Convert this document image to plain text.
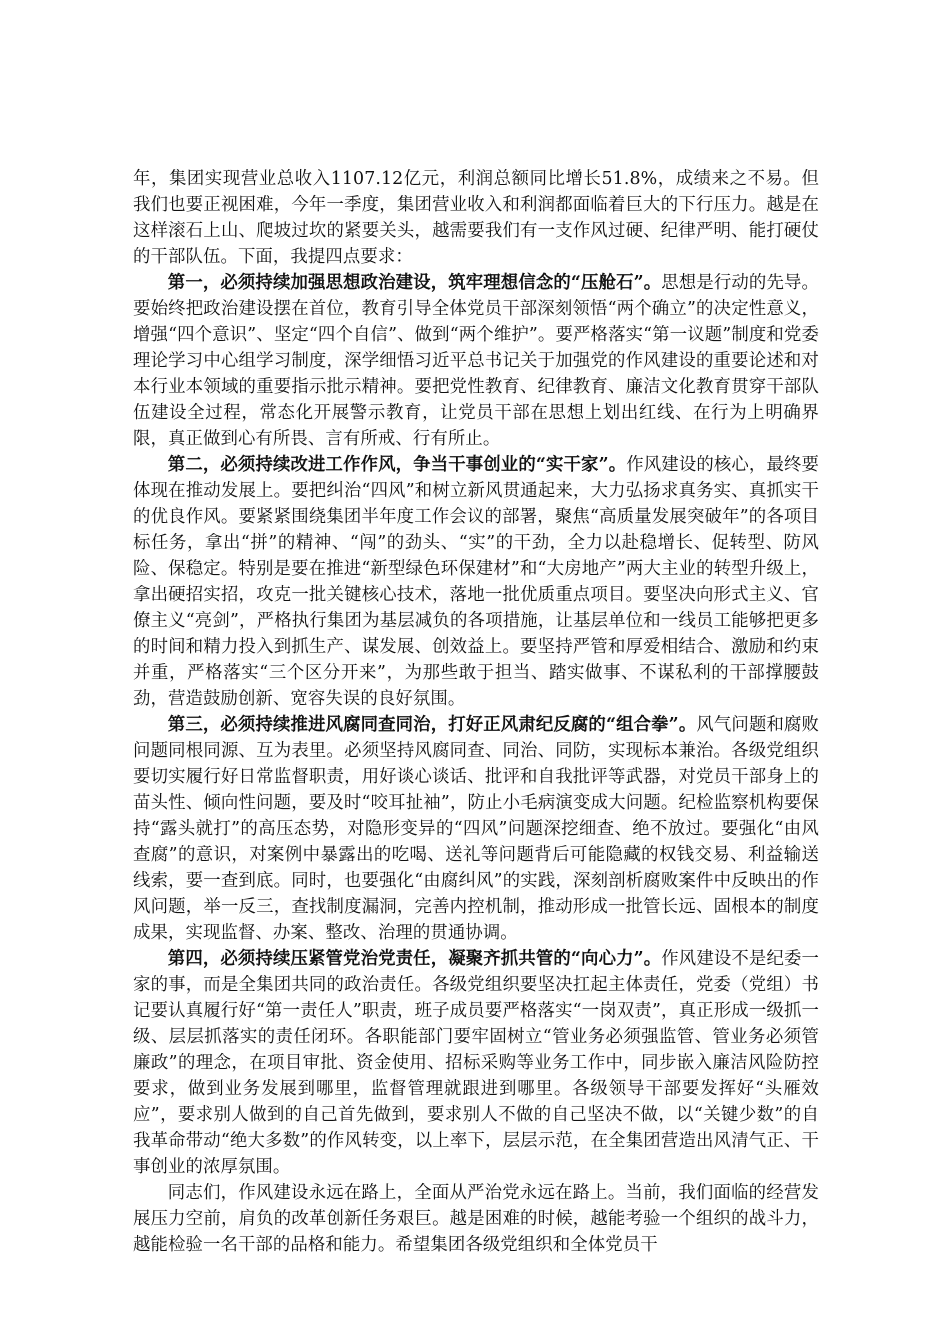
年，集团实现营业总收入1107.12亿元，利润总额同比增长51.8%，成绩来之不易。但我们也要正视困难，今年一季度，集团营业收入和利润都面临着巨大的下行压力。越是在这样滚石上山、爬坡过坎的紧要关头，越需要我们有一支作风过硬、纪律严明、能打硬仗的干部队伍。下面，我提四点要求：

第一，必须持续加强思想政治建设，筑牢理想信念的“压舱石”。思想是行动的先导。要始终把政治建设摆在首位，教育引导全体党员干部深刻领悟“两个确立”的决定性意义，增强“四个意识”、坚定“四个自信”、做到“两个维护”。要严格落实“第一议题”制度和党委理论学习中心组学习制度，深学细悟习近平总书记关于加强党的作风建设的重要论述和对本行业本领域的重要指示批示精神。要把党性教育、纪律教育、廉洁文化教育贯穿干部队伍建设全过程，常态化开展警示教育，让党员干部在思想上划出红线、在行为上明确界限，真正做到心有所畏、言有所戒、行有所止。

第二，必须持续改进工作作风，争当干事创业的“实干家”。作风建设的核心，最终要体现在推动发展上。要把纠治“四风”和树立新风贯通起来，大力弘扬求真务实、真抓实干的优良作风。要紧紧围绕集团半年度工作会议的部署，聚焦“高质量发展突破年”的各项目标任务，拿出“拼”的精神、“闯”的劲头、“实”的干劲，全力以赴稳增长、促转型、防风险、保稳定。特别是要在推进“新型绿色环保建材”和“大房地产”两大主业的转型升级上，拿出硬招实招，攻克一批关键核心技术，落地一批优质重点项目。要坚决向形式主义、官僚主义“亮剑”，严格执行集团为基层减负的各项措施，让基层单位和一线员工能够把更多的时间和精力投入到抓生产、谋发展、创效益上。要坚持严管和厚爱相结合、激励和约束并重，严格落实“三个区分开来”，为那些敢于担当、踏实做事、不谋私利的干部撑腰鼓劲，营造鼓励创新、宽容失误的良好氛围。

第三，必须持续推进风腐同查同治，打好正风肃纪反腐的“组合拳”。风气问题和腐败问题同根同源、互为表里。必须坚持风腐同查、同治、同防，实现标本兼治。各级党组织要切实履行好日常监督职责，用好谈心谈话、批评和自我批评等武器，对党员干部身上的苗头性、倾向性问题，要及时“咬耳扯袖”，防止小毛病演变成大问题。纪检监察机构要保持“露头就打”的高压态势，对隐形变异的“四风”问题深挖细查、绝不放过。要强化“由风查腐”的意识，对案例中暴露出的吃喝、送礼等问题背后可能隐藏的权钱交易、利益输送线索，要一查到底。同时，也要强化“由腐纠风”的实践，深刻剖析腐败案件中反映出的作风问题，举一反三，查找制度漏洞，完善内控机制，推动形成一批管长远、固根本的制度成果，实现监督、办案、整改、治理的贯通协调。

第四，必须持续压紧管党治党责任，凝聚齐抓共管的“向心力”。作风建设不是纪委一家的事，而是全集团共同的政治责任。各级党组织要坚决扛起主体责任，党委（党组）书记要认真履行好“第一责任人”职责，班子成员要严格落实“一岗双责”，真正形成一级抓一级、层层抓落实的责任闭环。各职能部门要牢固树立“管业务必须强监管、管业务必须管廉政”的理念，在项目审批、资金使用、招标采购等业务工作中，同步嵌入廉洁风险防控要求，做到业务发展到哪里，监督管理就跟进到哪里。各级领导干部要发挥好“头雁效应”，要求别人做到的自己首先做到，要求别人不做的自己坚决不做，以“关键少数”的自我革命带动“绝大多数”的作风转变，以上率下，层层示范，在全集团营造出风清气正、干事创业的浓厚氛围。

同志们，作风建设永远在路上，全面从严治党永远在路上。当前，我们面临的经营发展压力空前，肩负的改革创新任务艰巨。越是困难的时候，越能考验一个组织的战斗力，越能检验一名干部的品格和能力。希望集团各级党组织和全体党员干
